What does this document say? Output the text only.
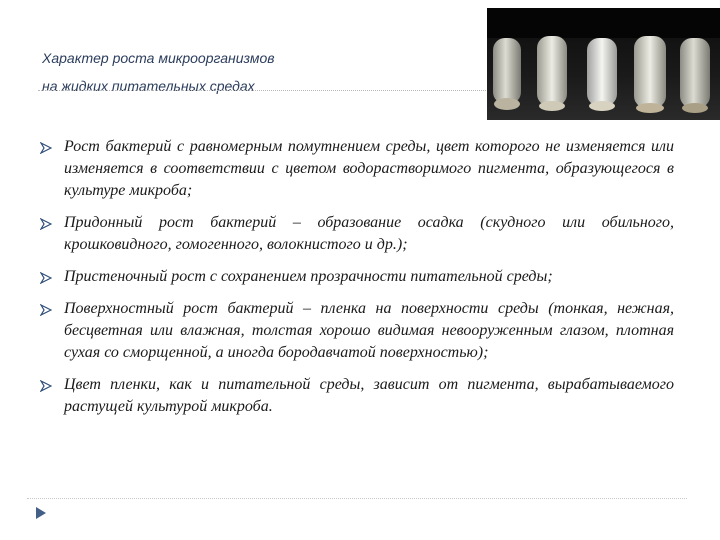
Характер роста микроорганизмов
на жидких питательных средах
Рост бактерий с равномерным помутнением среды, цвет которого не изменяется или изменяется в соответствии с цветом водорастворимого пигмента, образующегося в культуре микроба;
Придонный рост бактерий – образование осадка (скудного или обильного, крошковидного, гомогенного, волокнистого и др.);
Пристеночный рост с сохранением прозрачности питательной среды;
Поверхностный рост бактерий – пленка на поверхности среды (тонкая, нежная, бесцветная или влажная, толстая хорошо видимая невооруженным глазом, плотная сухая со сморщенной, а иногда бородавчатой поверхностью);
Цвет пленки, как и питательной среды, зависит от пигмента, вырабатываемого растущей культурой микроба.
